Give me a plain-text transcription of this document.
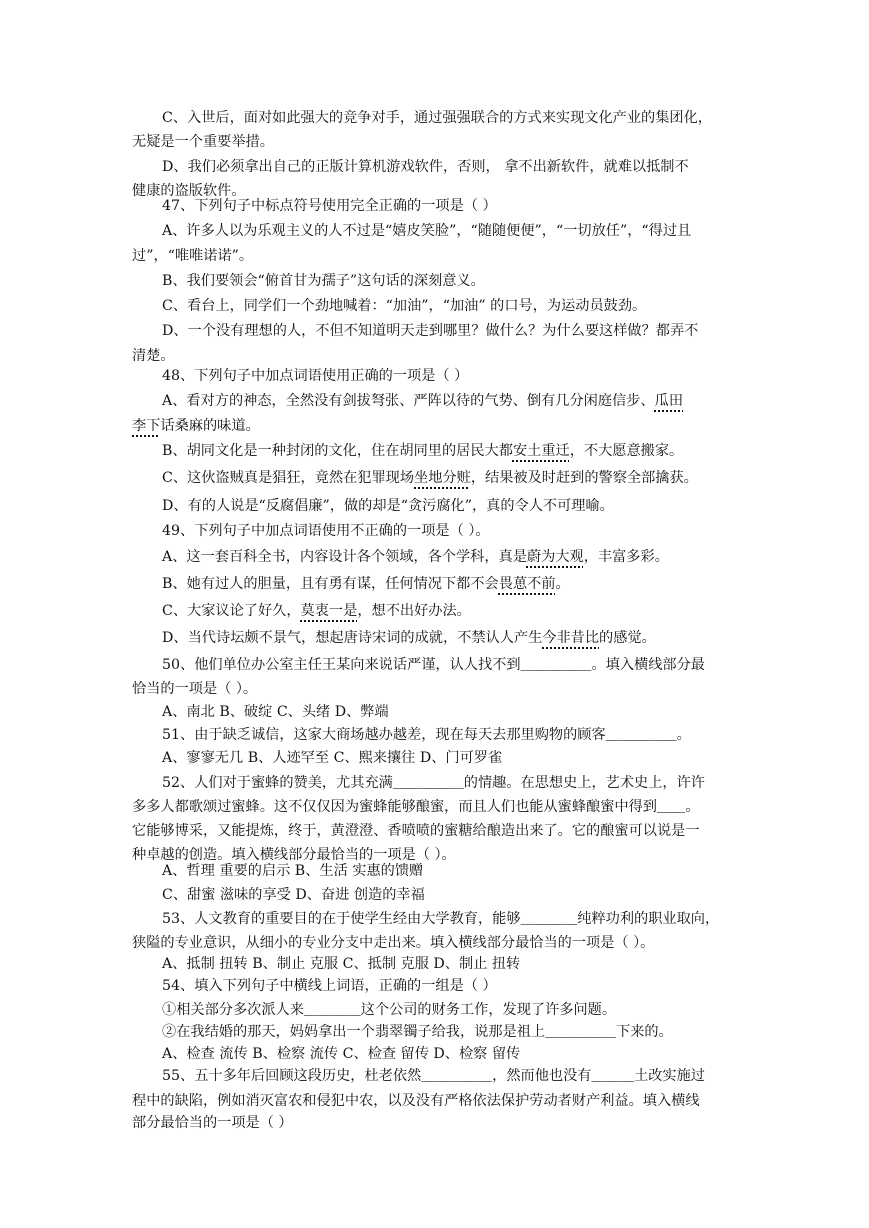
C、入世后，面对如此强大的竞争对手，通过强强联合的方式来实现文化产业的集团化，
无疑是一个重要举措。
D、我们必须拿出自己的正版计算机游戏软件，否则， 拿不出新软件，就难以抵制不
健康的盗版软件。
47、下列句子中标点符号使用完全正确的一项是（ ）
A、许多人以为乐观主义的人不过是“嬉皮笑脸”，“随随便便”，“一切放任”，“得过且
过”，“唯唯诺诺”。
B、我们要领会“俯首甘为孺子”这句话的深刻意义。
C、看台上，同学们一个劲地喊着：“加油”，“加油” 的口号，为运动员鼓劲。
D、一个没有理想的人，不但不知道明天走到哪里？做什么？为什么要这样做？都弄不
清楚。
48、下列句子中加点词语使用正确的一项是（ ）
A、看对方的神态，全然没有剑拔弩张、严阵以待的气势、倒有几分闲庭信步、瓜田
李下话桑麻的味道。
B、胡同文化是一种封闭的文化，住在胡同里的居民大都安土重迁，不大愿意搬家。
C、这伙盗贼真是猖狂，竟然在犯罪现场坐地分赃，结果被及时赶到的警察全部擒获。
D、有的人说是“反腐倡廉”，做的却是“贪污腐化”，真的令人不可理喻。
49、下列句子中加点词语使用不正确的一项是（ ）。
A、这一套百科全书，内容设计各个领域，各个学科，真是蔚为大观，丰富多彩。
B、她有过人的胆量，且有勇有谋，任何情况下都不会畏葸不前。
C、大家议论了好久，莫衷一是，想不出好办法。
D、当代诗坛颇不景气，想起唐诗宋词的成就，不禁认人产生今非昔比的感觉。
50、他们单位办公室主任王某向来说话严谨，认人找不到＿＿＿＿＿。填入横线部分最
恰当的一项是（ ）。
A、南北 B、破绽 C、头绪 D、弊端
51、由于缺乏诚信，这家大商场越办越差，现在每天去那里购物的顾客＿＿＿＿＿。
A、寥寥无几 B、人迹罕至 C、熙来攘往 D、门可罗雀
52、人们对于蜜蜂的赞美，尤其充满＿＿＿＿＿的情趣。在思想史上，艺术史上，许许
多多人都歌颂过蜜蜂。这不仅仅因为蜜蜂能够酿蜜，而且人们也能从蜜蜂酿蜜中得到＿＿。
它能够博采，又能提炼，终于，黄澄澄、香喷喷的蜜糖给酿造出来了。它的酿蜜可以说是一
种卓越的创造。填入横线部分最恰当的一项是（ ）。
A、哲理 重要的启示 B、生活 实惠的馈赠
C、甜蜜 滋味的享受 D、奋进 创造的幸福
53、人文教育的重要目的在于使学生经由大学教育，能够＿＿＿＿纯粹功利的职业取向，
狭隘的专业意识，从细小的专业分支中走出来。填入横线部分最恰当的一项是（ ）。
A、抵制 扭转 B、制止 克服 C、抵制 克服 D、制止 扭转
54、填入下列句子中横线上词语，正确的一组是（ ）
①相关部分多次派人来＿＿＿＿这个公司的财务工作，发现了许多问题。
②在我结婚的那天，妈妈拿出一个翡翠镯子给我，说那是祖上＿＿＿＿＿下来的。
A、检查 流传 B、检察 流传 C、检查 留传 D、检察 留传
55、五十多年后回顾这段历史，杜老依然＿＿＿＿＿，然而他也没有＿＿＿土改实施过
程中的缺陷，例如消灭富农和侵犯中农，以及没有严格依法保护劳动者财产利益。填入横线
部分最恰当的一项是（ ）
